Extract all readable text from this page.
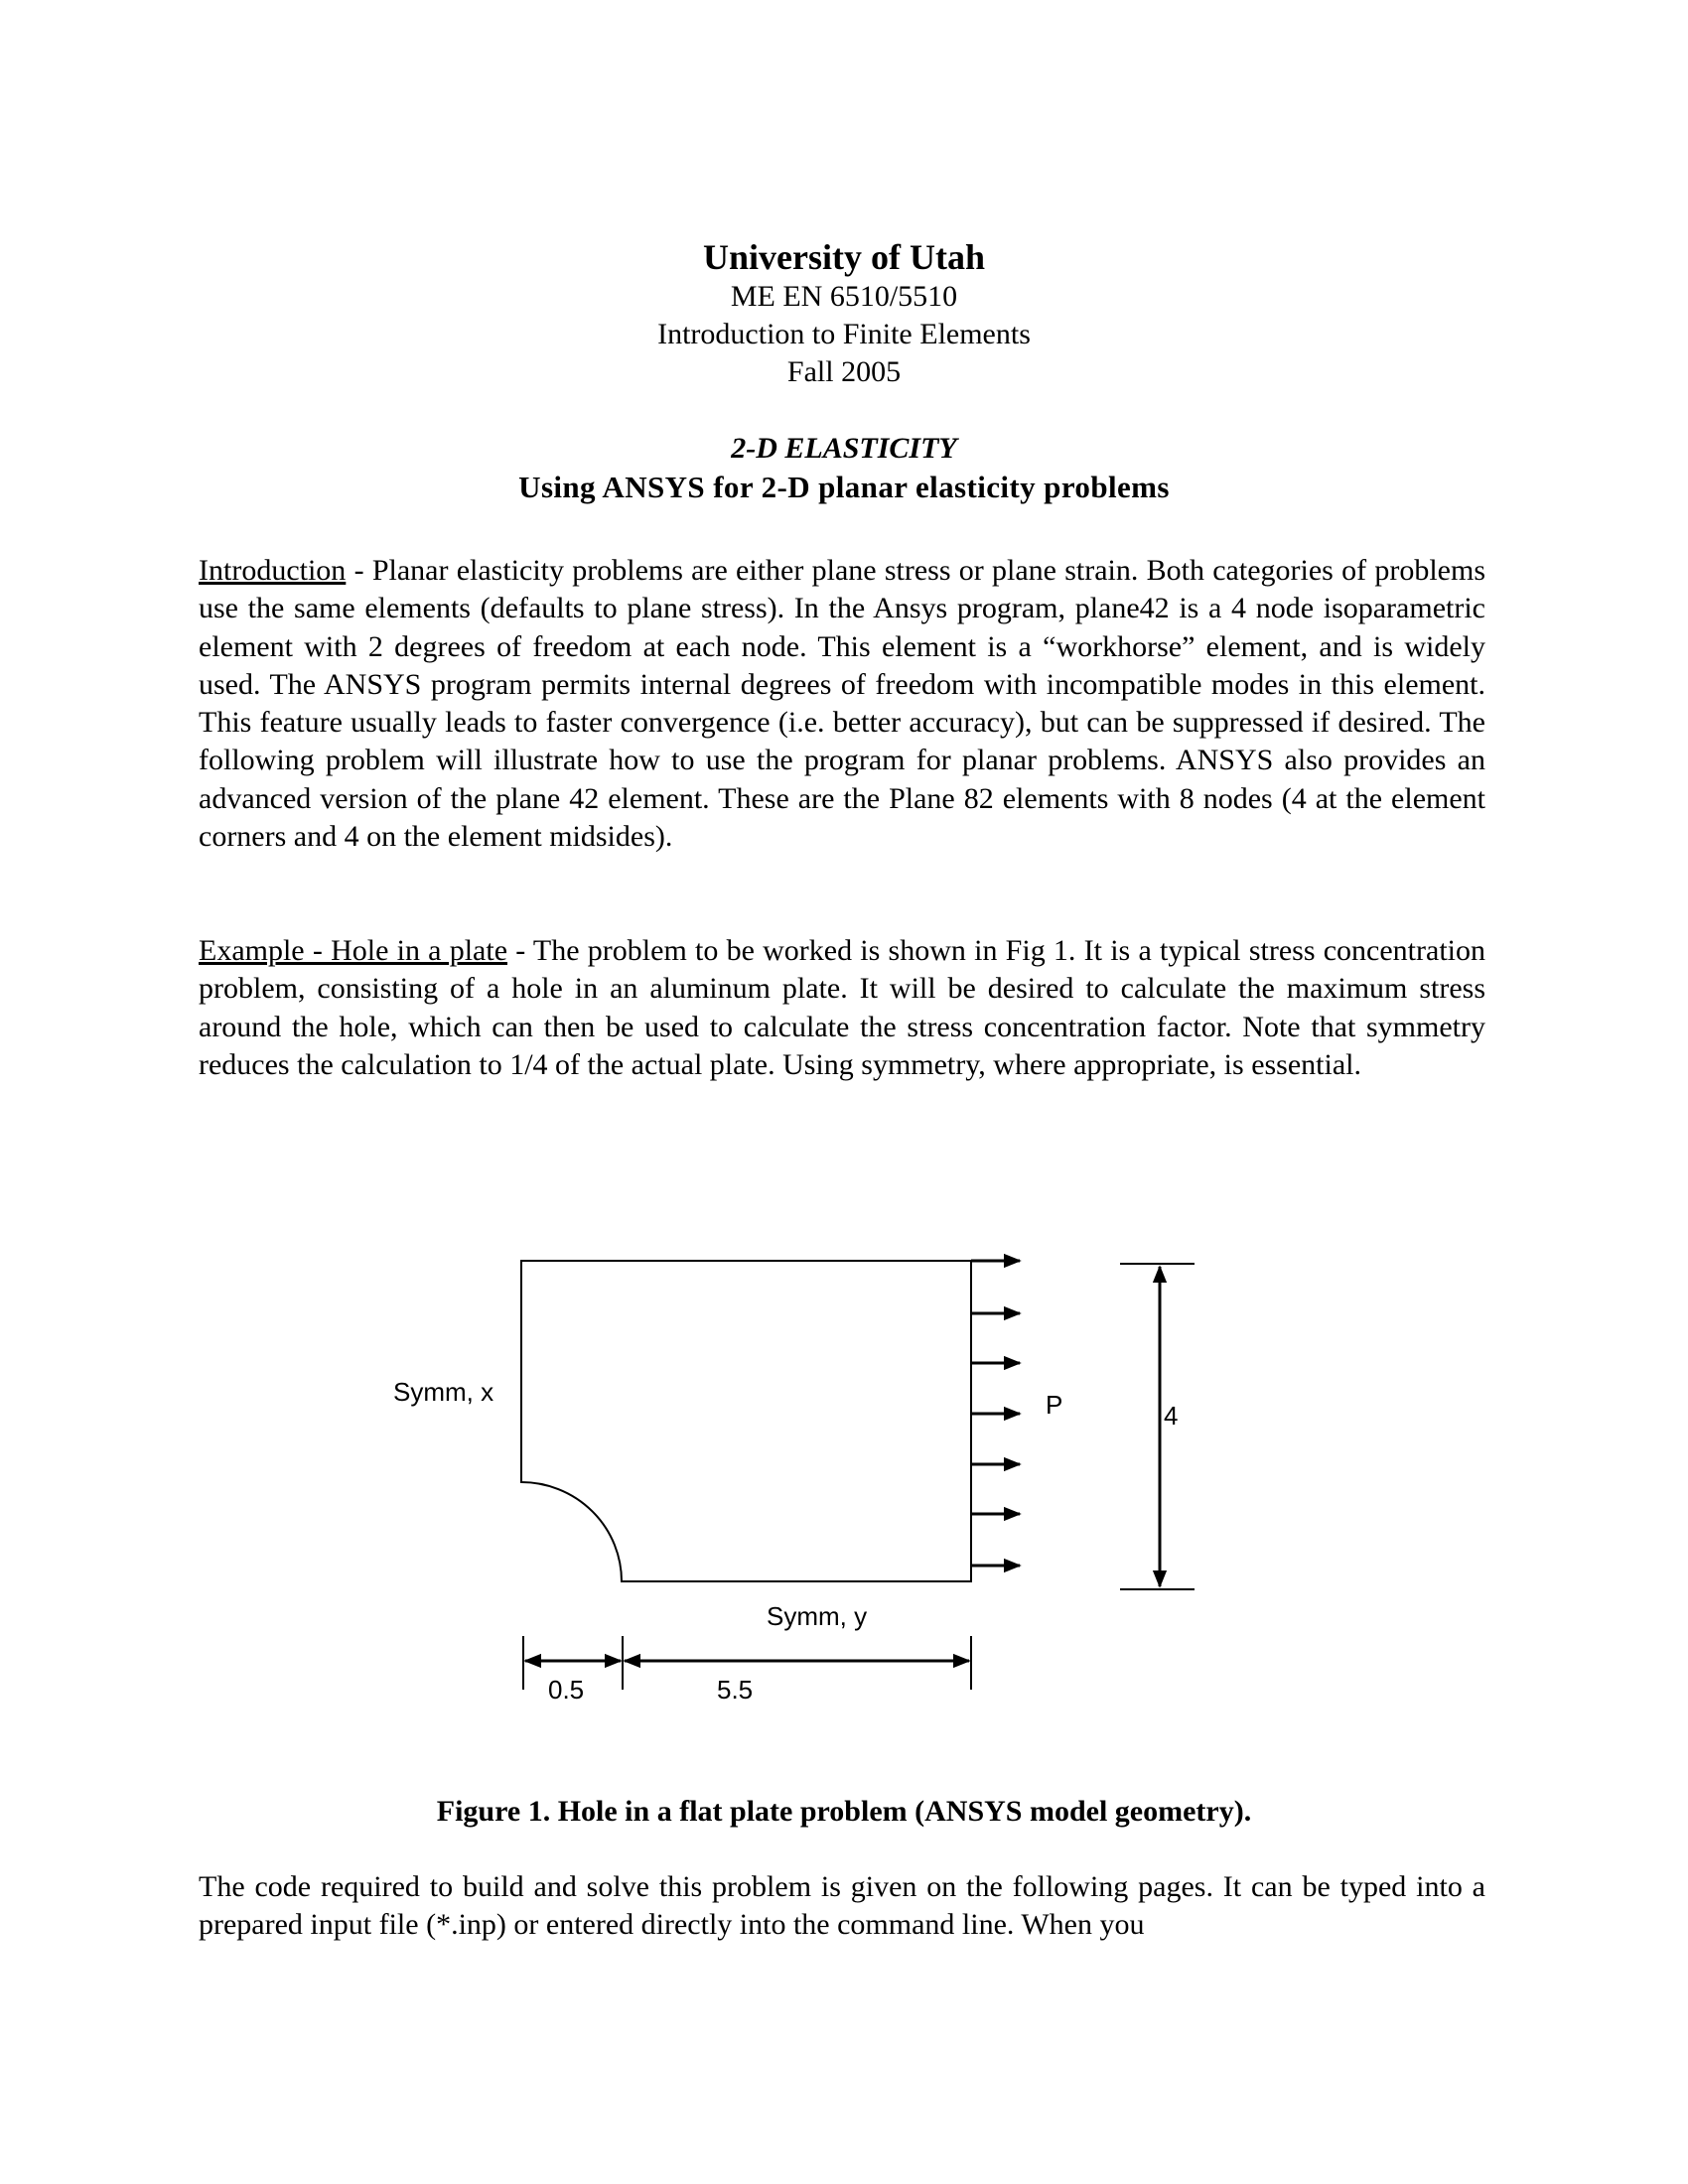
University of Utah
ME EN 6510/5510
Introduction to Finite Elements
Fall 2005
2-D ELASTICITY
Using ANSYS for 2-D planar elasticity problems

Introduction - Planar elasticity problems are either plane stress or plane strain. Both categories of problems use the same elements (defaults to plane stress). In the Ansys program, plane42 is a 4 node isoparametric element with 2 degrees of freedom at each node. This element is a “workhorse” element, and is widely used. The ANSYS program permits internal degrees of freedom with incompatible modes in this element. This feature usually leads to faster convergence (i.e. better accuracy), but can be suppressed if desired. The following problem will illustrate how to use the program for planar problems. ANSYS also provides an advanced version of the plane 42 element. These are the Plane 82 elements with 8 nodes (4 at the element corners and 4 on the element midsides).

Example - Hole in a plate - The problem to be worked is shown in Fig 1. It is a typical stress concentration problem, consisting of a hole in an aluminum plate. It will be desired to calculate the maximum stress around the hole, which can then be used to calculate the stress concentration factor. Note that symmetry reduces the calculation to 1/4 of the actual plate. Using symmetry, where appropriate, is essential.

Symm, x
Symm, y
P	4
0.5	5.5
Figure 1. Hole in a flat plate problem (ANSYS model geometry).

The code required to build and solve this problem is given on the following pages. It can be typed into a prepared input file (*.inp) or entered directly into the command line. When you
